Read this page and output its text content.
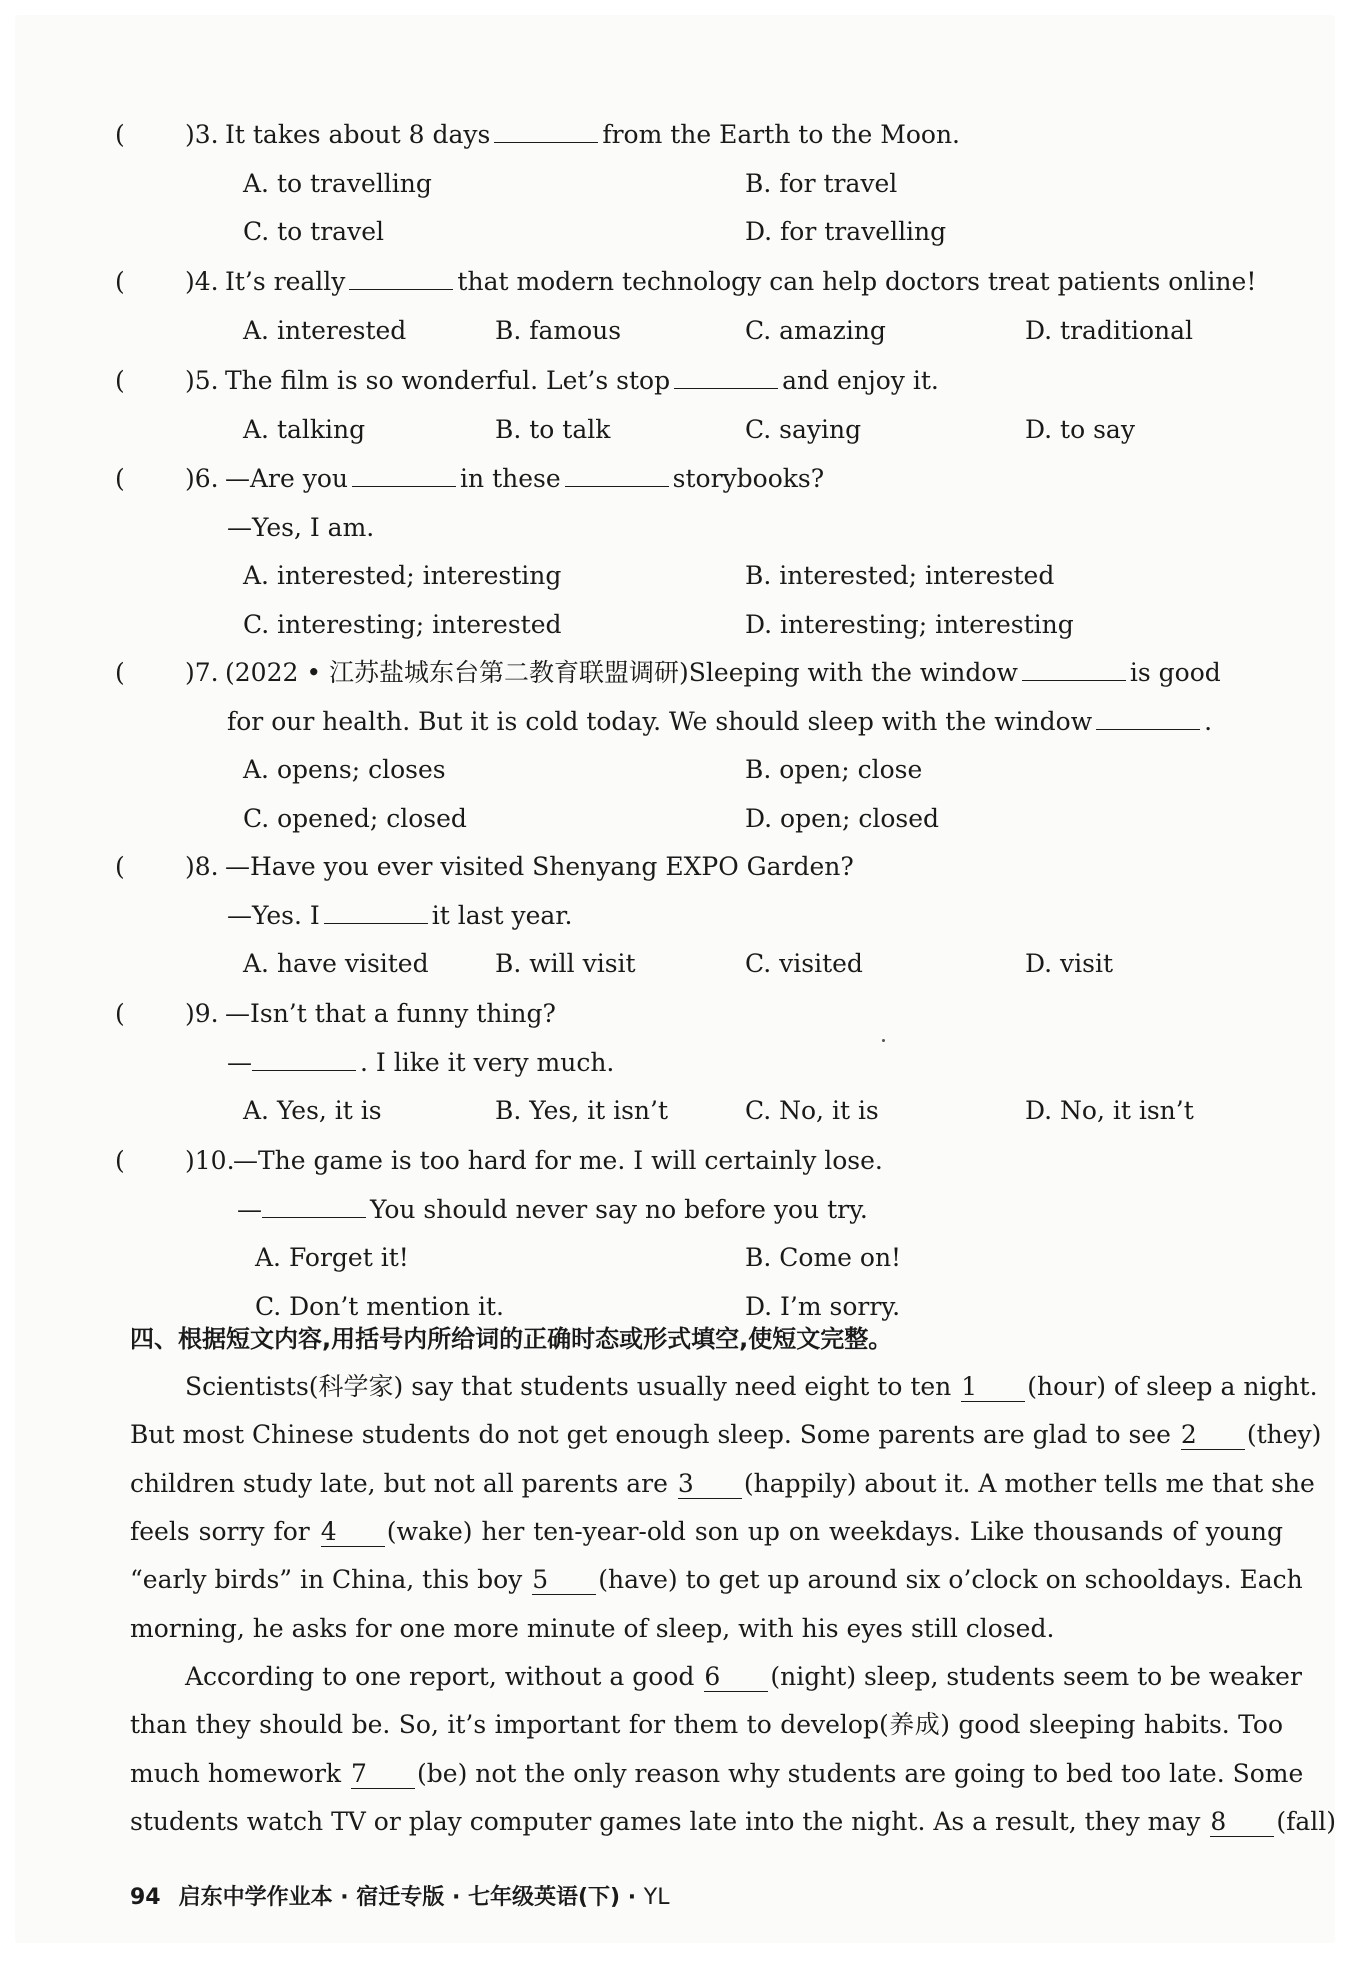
( )3. It takes about 8 days	from the Earth to the Moon.
A. to travelling	B. for travel
C. to travel	D. for travelling
( )4. It’s really	that modern technology can help doctors treat patients online!
A. interested	B. famous	C. amazing	D. traditional
( )5. The film is so wonderful. Let’s stop	and enjoy it.
A. talking	B. to talk	C. saying	D. to say
( )6. —Are you	in these	storybooks?
—Yes, I am.
A. interested; interesting	B. interested; interested
C. interesting; interested	D. interesting; interesting
( )7. (2022 • 江苏盐城东台第二教育联盟调研)Sleeping with the window	is good
for our health. But it is cold today. We should sleep with the window	.
A. opens; closes	B. open; close
C. opened; closed	D. open; closed
( )8. —Have you ever visited Shenyang EXPO Garden?
—Yes. I	it last year.
A. have visited	B. will visit	C. visited	D. visit
( )9. —Isn’t that a funny thing?
—	. I like it very much.
A. Yes, it is	B. Yes, it isn’t	C. No, it is	D. No, it isn’t
( )10.
—The game is too hard for me. I will certainly lose.
—	You should never say no before you try.
A. Forget it!	B. Come on!
C. Don’t mention it.	D. I’m sorry.
四、根据短文内容,用括号内所给词的正确时态或形式填空,使短文完整。
Scientists(科学家) say that students usually need eight to ten 1 (hour) of sleep a night.
But most Chinese students do not get enough sleep. Some parents are glad to see 2 (they)
children study late, but not all parents are 3 (happily) about it. A mother tells me that she
feels sorry for 4 (wake) her ten-year-old son up on weekdays. Like thousands of young
“early birds” in China, this boy 5 (have) to get up around six o’clock on schooldays. Each
morning, he asks for one more minute of sleep, with his eyes still closed.
According to one report, without a good 6 (night) sleep, students seem to be weaker
than they should be. So, it’s important for them to develop(养成) good sleeping habits. Too
much homework 7 (be) not the only reason why students are going to bed too late. Some
students watch TV or play computer games late into the night. As a result, they may 8 (fall)
94 启东中学作业本 · 宿迁专版 · 七年级英语(下) · YL
